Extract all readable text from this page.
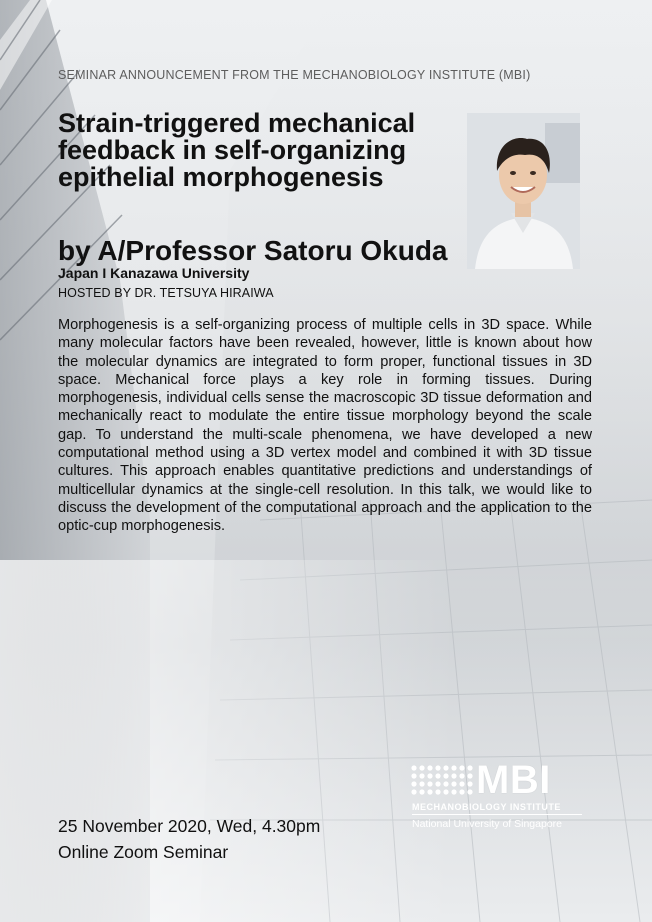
SEMINAR ANNOUNCEMENT FROM THE MECHANOBIOLOGY INSTITUTE (MBI)
Strain-triggered mechanical feedback in self-organizing epithelial morphogenesis
by A/Professor Satoru Okuda
Japan I Kanazawa University
HOSTED BY DR. TETSUYA HIRAIWA

Morphogenesis is a self-organizing process of multiple cells in 3D space. While many molecular factors have been revealed, however, little is known about how the molecular dynamics are integrated to form proper, functional tissues in 3D space. Mechanical force plays a key role in forming tissues. During morphogenesis, individual cells sense the macroscopic 3D tissue deformation and mechanically react to modulate the entire tissue morphology beyond the scale gap. To understand the multi-scale phenomena, we have developed a new computational method using a 3D vertex model and combined it with 3D tissue cultures. This approach enables quantitative predictions and understandings of multicellular dynamics at the single-cell resolution. In this talk, we would like to discuss the development of the computational approach and the application to the optic-cup morphogenesis.

25 November 2020, Wed, 4.30pm
Online Zoom Seminar
MBI
MECHANOBIOLOGY INSTITUTE
National University of Singapore
